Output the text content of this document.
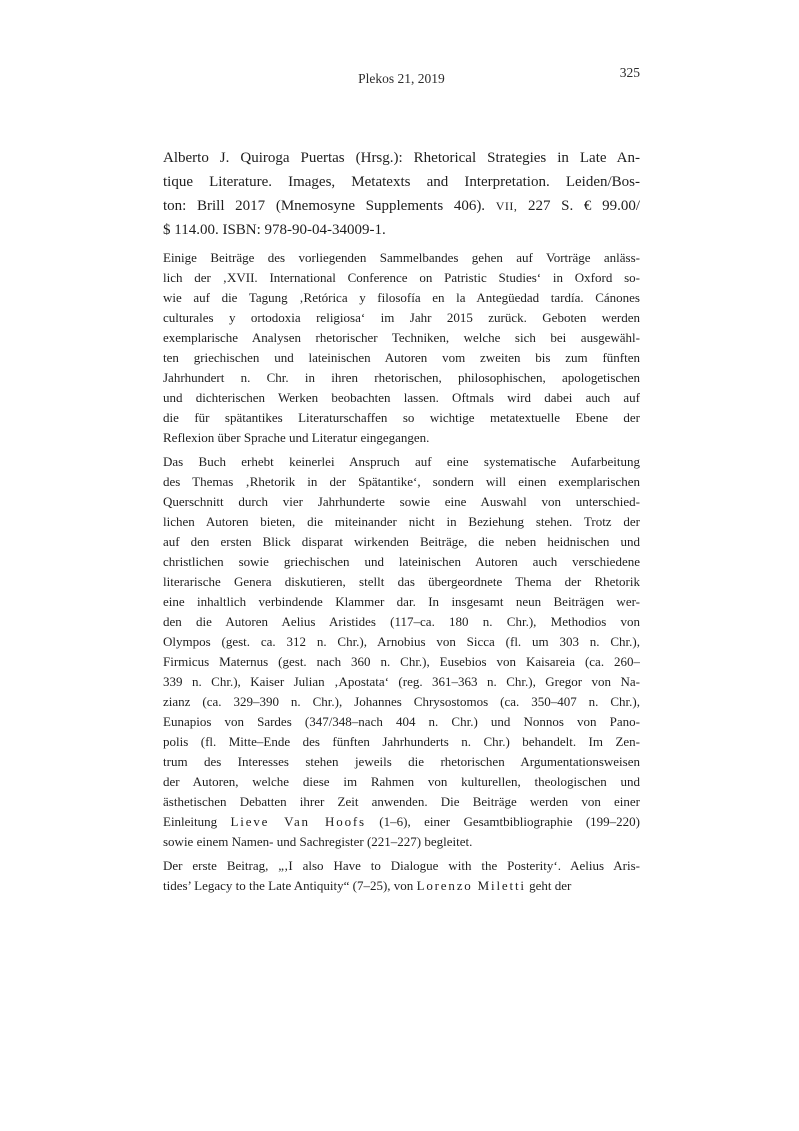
Plekos 21, 2019	325
Alberto J. Quiroga Puertas (Hrsg.): Rhetorical Strategies in Late An-
tique Literature. Images, Metatexts and Interpretation. Leiden/Bos-
ton: Brill 2017 (Mnemosyne Supplements 406). VII, 227 S. € 99.00/
$ 114.00. ISBN: 978-90-04-34009-1.
Einige Beiträge des vorliegenden Sammelbandes gehen auf Vorträge anläss-
lich der ‚XVII. International Conference on Patristic Studies‘ in Oxford so-
wie auf die Tagung ‚Retórica y filosofía en la Antegüedad tardía. Cánones
culturales y ortodoxia religiosa‘ im Jahr 2015 zurück. Geboten werden
exemplarische Analysen rhetorischer Techniken, welche sich bei ausgewähl-
ten griechischen und lateinischen Autoren vom zweiten bis zum fünften
Jahrhundert n. Chr. in ihren rhetorischen, philosophischen, apologetischen
und dichterischen Werken beobachten lassen. Oftmals wird dabei auch auf
die für spätantikes Literaturschaffen so wichtige metatextuelle Ebene der
Reflexion über Sprache und Literatur eingegangen.
Das Buch erhebt keinerlei Anspruch auf eine systematische Aufarbeitung
des Themas ‚Rhetorik in der Spätantike‘, sondern will einen exemplarischen
Querschnitt durch vier Jahrhunderte sowie eine Auswahl von unterschied-
lichen Autoren bieten, die miteinander nicht in Beziehung stehen. Trotz der
auf den ersten Blick disparat wirkenden Beiträge, die neben heidnischen und
christlichen sowie griechischen und lateinischen Autoren auch verschiedene
literarische Genera diskutieren, stellt das übergeordnete Thema der Rhetorik
eine inhaltlich verbindende Klammer dar. In insgesamt neun Beiträgen wer-
den die Autoren Aelius Aristides (117–ca. 180 n. Chr.), Methodios von
Olympos (gest. ca. 312 n. Chr.), Arnobius von Sicca (fl. um 303 n. Chr.),
Firmicus Maternus (gest. nach 360 n. Chr.), Eusebios von Kaisareia (ca. 260–
339 n. Chr.), Kaiser Julian ‚Apostata‘ (reg. 361–363 n. Chr.), Gregor von Na-
zianz (ca. 329–390 n. Chr.), Johannes Chrysostomos (ca. 350–407 n. Chr.),
Eunapios von Sardes (347/348–nach 404 n. Chr.) und Nonnos von Pano-
polis (fl. Mitte–Ende des fünften Jahrhunderts n. Chr.) behandelt. Im Zen-
trum des Interesses stehen jeweils die rhetorischen Argumentationsweisen
der Autoren, welche diese im Rahmen von kulturellen, theologischen und
ästhetischen Debatten ihrer Zeit anwenden. Die Beiträge werden von einer
Einleitung Lieve Van Hoofs (1–6), einer Gesamtbibliographie (199–220)
sowie einem Namen- und Sachregister (221–227) begleitet.
Der erste Beitrag, „‚I also Have to Dialogue with the Posterity‘. Aelius Aris-
tides’ Legacy to the Late Antiquity“ (7–25), von Lorenzo Miletti geht der
